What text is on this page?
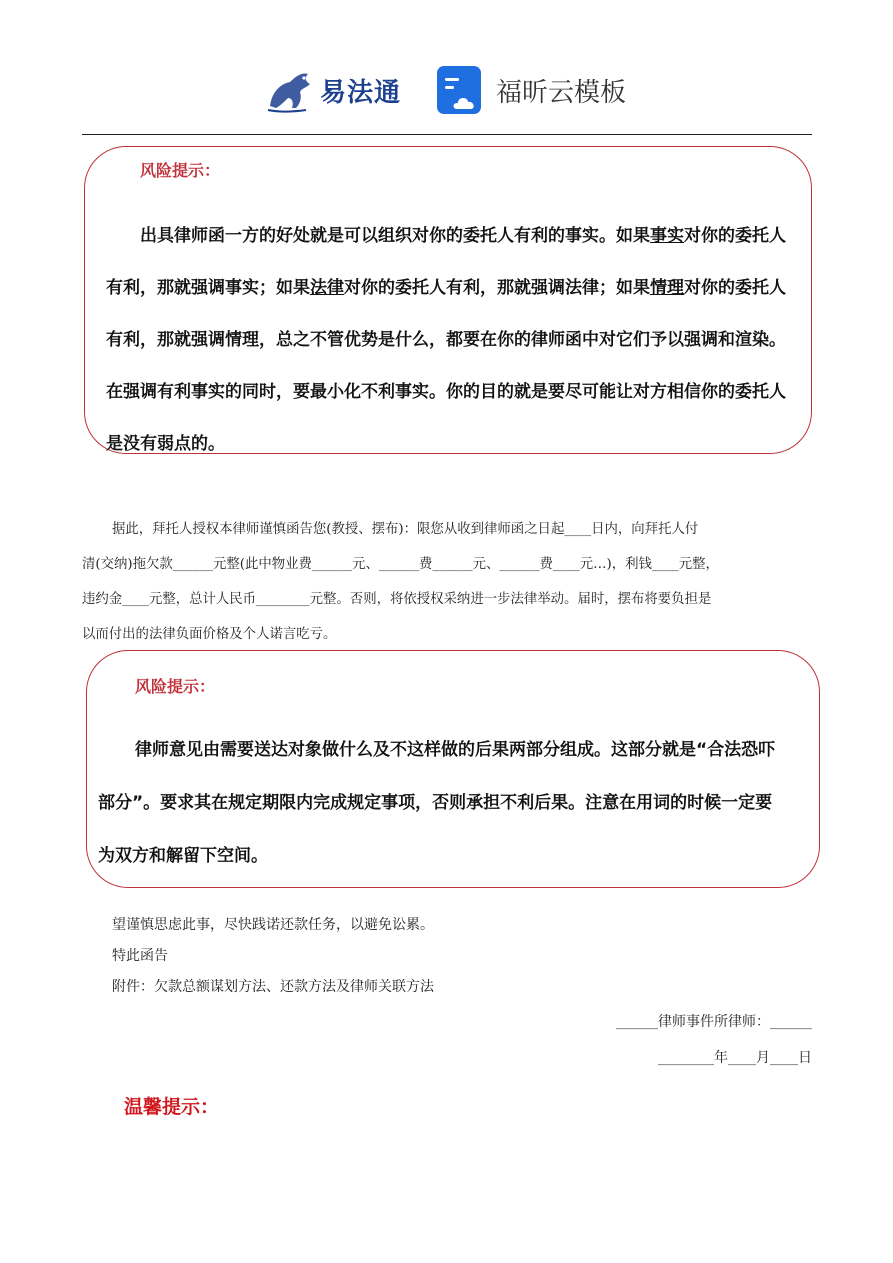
易法通	福昕云模板
风险提示：

出具律师函一方的好处就是可以组织对你的委托人有利的事实。如果事实对你的委托人

有利，那就强调事实；如果法律对你的委托人有利，那就强调法律；如果情理对你的委托人

有利，那就强调情理，总之不管优势是什么，都要在你的律师函中对它们予以强调和渲染。

在强调有利事实的同时，要最小化不利事实。你的目的就是要尽可能让对方相信你的委托人

是没有弱点的。

据此，拜托人授权本律师谨慎函告您(教授、摆布)：限您从收到律师函之日起____日内，向拜托人付

清(交纳)拖欠款______元整(此中物业费______元、______费______元、______费____元…)，利钱____元整，

违约金____元整，总计人民币________元整。否则，将依授权采纳进一步法律举动。届时，摆布将要负担是

以而付出的法律负面价格及个人诺言吃亏。

风险提示：

律师意见由需要送达对象做什么及不这样做的后果两部分组成。这部分就是“合法恐吓

部分”。要求其在规定期限内完成规定事项，否则承担不利后果。注意在用词的时候一定要

为双方和解留下空间。

望谨慎思虑此事，尽快践诺还款任务，以避免讼累。

特此函告

附件：欠款总额谋划方法、还款方法及律师关联方法

______律师事件所律师：______

________年____月____日

温馨提示：
